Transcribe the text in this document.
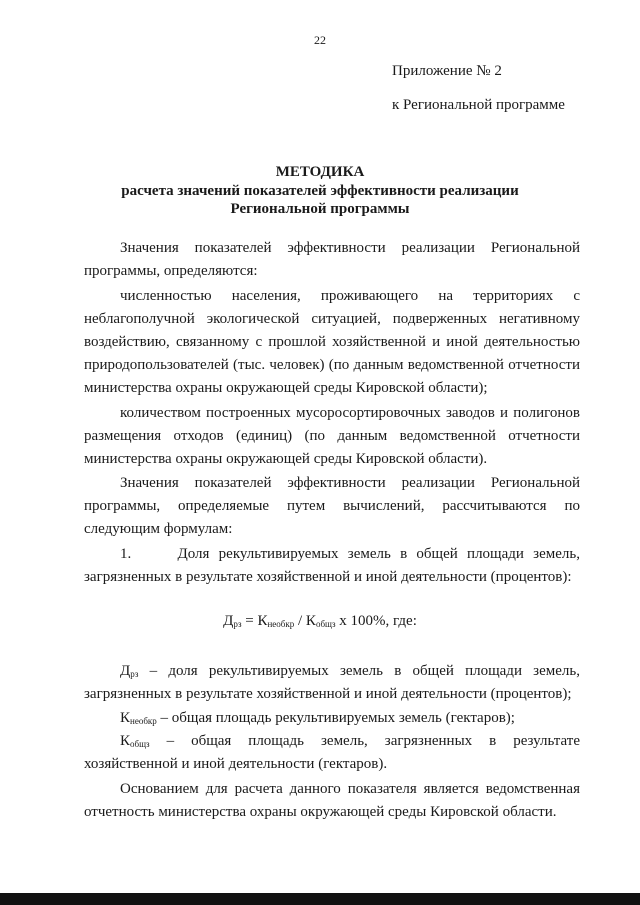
22
Приложение № 2
к Региональной программе
МЕТОДИКА
расчета значений показателей эффективности реализации
Региональной программы

Значения показателей эффективности реализации Региональной программы, определяются:

численностью населения, проживающего на территориях с неблагополучной экологической ситуацией, подверженных негативному воздействию, связанному с прошлой хозяйственной и иной деятельностью природопользователей (тыс. человек) (по данным ведомственной отчетности министерства охраны окружающей среды Кировской области);

количеством построенных мусоросортировочных заводов и полигонов размещения отходов (единиц) (по данным ведомственной отчетности министерства охраны окружающей среды Кировской области).

Значения показателей эффективности реализации Региональной программы, определяемые путем вычислений, рассчитываются по следующим формулам:

1.     Доля рекультивируемых земель в общей площади земель, загрязненных в результате хозяйственной и иной деятельности (процентов):

$Д_{рз} = К_{необкр} / К_{общз}$ х 100%, где:

$Д_{рз}$ – доля рекультивируемых земель в общей площади земель, загрязненных в результате хозяйственной и иной деятельности (процентов);

$К_{необкр}$ – общая площадь рекультивируемых земель (гектаров);

$К_{общз}$ – общая площадь земель, загрязненных в результате хозяйственной и иной деятельности (гектаров).

Основанием для расчета данного показателя является ведомственная отчетность министерства охраны окружающей среды Кировской области.
